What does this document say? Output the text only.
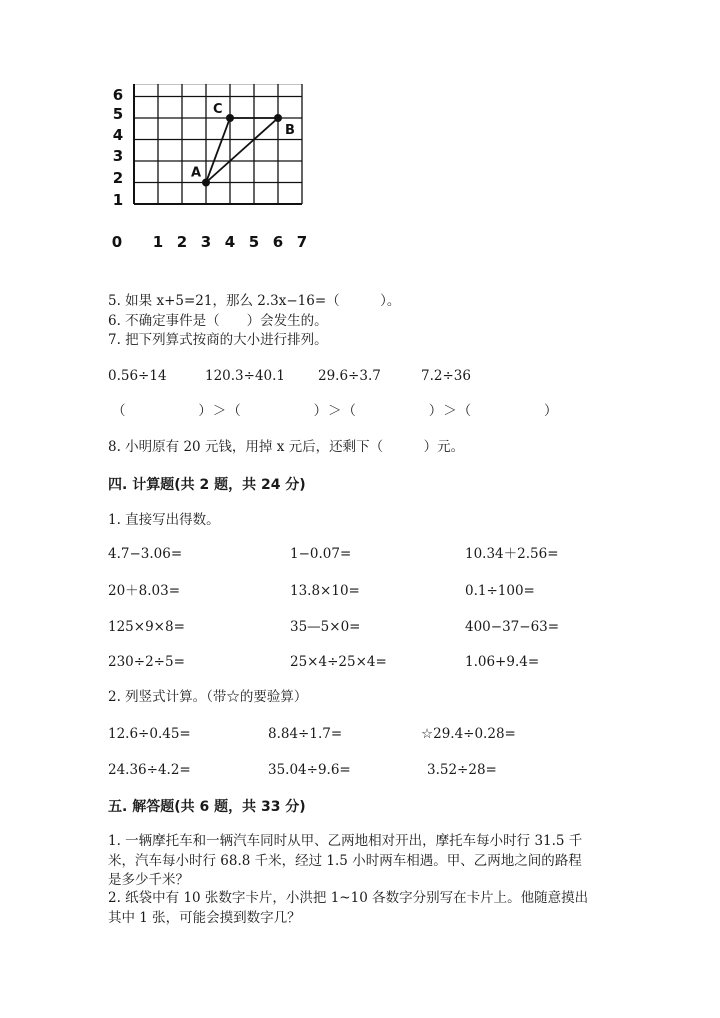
0 1 2 3 4 5 6 7
1
2
3
4
5
6
A
C
B
5. 如果 x+5=21，那么 2.3x−16=（　　　）。
6. 不确定事件是（　　）会发生的。
7. 把下列算式按商的大小进行排列。
0.56÷14	120.3÷40.1 29.6÷3.7	7.2÷36
（　　　　　）＞（　　　　　）＞（　　　　　）＞（　　　　　）
8. 小明原有 20 元钱，用掉 x 元后，还剩下（　　　）元。
四. 计算题(共 2 题，共 24 分)
1. 直接写出得数。
4.7−3.06=	1−0.07=	10.34＋2.56=
20＋8.03=	13.8×10=	0.1÷100=
125×9×8=	35—5×0=	400−37−63=
230÷2÷5=	25×4÷25×4=	1.06+9.4=
2. 列竖式计算。（带☆的要验算）
12.6÷0.45=	8.84÷1.7=	☆29.4÷0.28=
24.36÷4.2=	35.04÷9.6=	3.52÷28=
五. 解答题(共 6 题，共 33 分)
1. 一辆摩托车和一辆汽车同时从甲、乙两地相对开出，摩托车每小时行 31.5 千
米，汽车每小时行 68.8 千米，经过 1.5 小时两车相遇。甲、乙两地之间的路程
是多少千米？
2. 纸袋中有 10 张数字卡片，小洪把 1~10 各数字分别写在卡片上。他随意摸出
其中 1 张，可能会摸到数字几？
